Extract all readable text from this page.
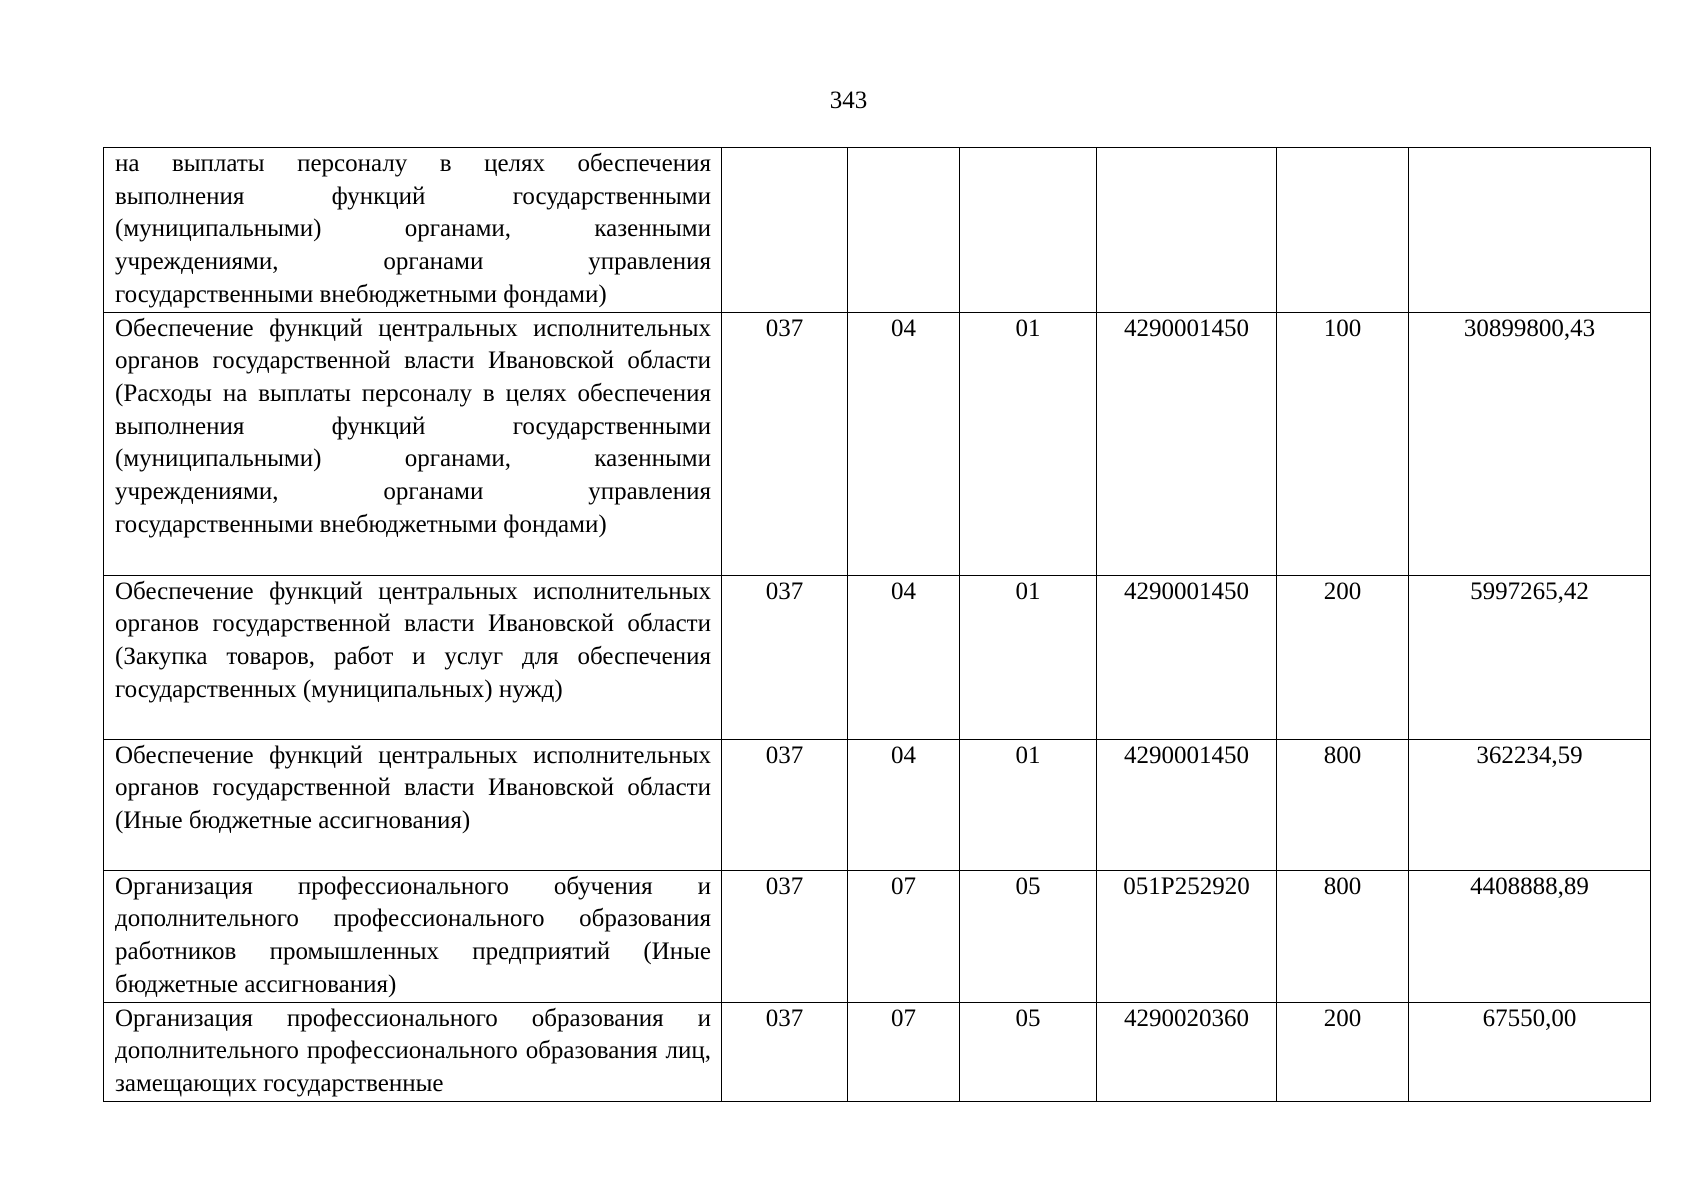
343
на выплаты персоналу в целях обеспечения выполнения функций государственными (муниципальными) органами, казенными учреждениями, органами управления государственными внебюджетными фондами)						
Обеспечение функций центральных исполнительных органов государственной власти Ивановской области (Расходы на выплаты персоналу в целях обеспечения выполнения функций государственными (муниципальными) органами, казенными учреждениями, органами управления государственными внебюджетными фондами)	037	04	01	4290001450	100	30899800,43
Обеспечение функций центральных исполнительных органов государственной власти Ивановской области (Закупка товаров, работ и услуг для обеспечения государственных (муниципальных) нужд)	037	04	01	4290001450	200	5997265,42
Обеспечение функций центральных исполнительных органов государственной власти Ивановской области (Иные бюджетные ассигнования)	037	04	01	4290001450	800	362234,59
Организация профессионального обучения и дополнительного профессионального образования работников промышленных предприятий (Иные бюджетные ассигнования)	037	07	05	051P252920	800	4408888,89
Организация профессионального образования и дополнительного профессионального образования лиц, замещающих государственные	037	07	05	4290020360	200	67550,00
